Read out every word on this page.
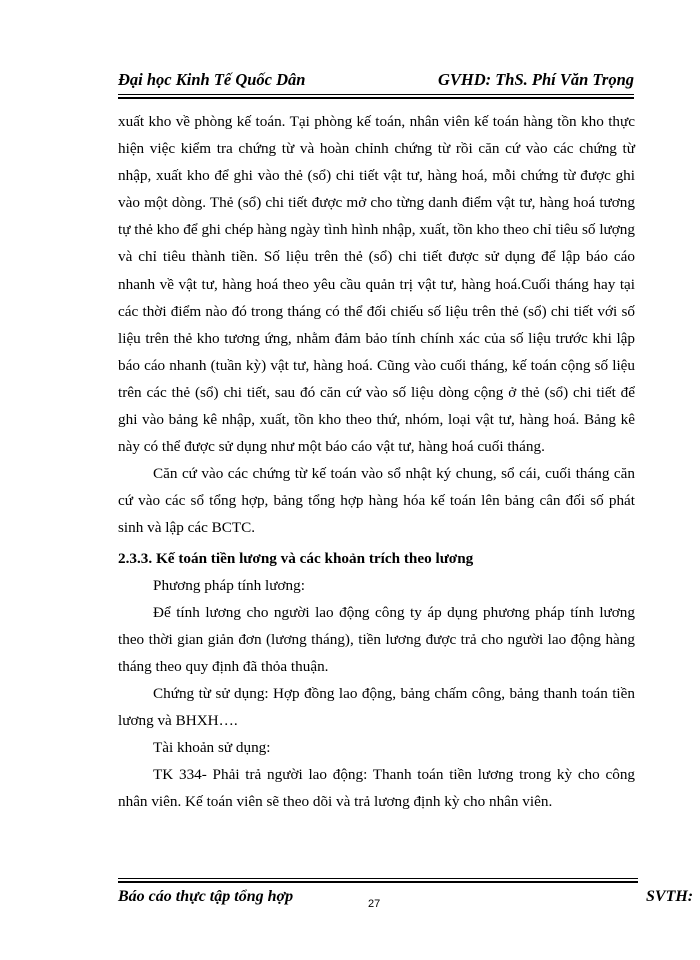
Đại học Kinh Tế Quốc Dân	GVHD: ThS. Phí Văn Trọng

xuất kho về phòng kế toán. Tại phòng kế toán, nhân viên kế toán hàng tồn kho thực hiện việc kiểm tra chứng từ và hoàn chỉnh chứng từ rồi căn cứ vào các chứng từ nhập, xuất kho để ghi vào thẻ (sổ) chi tiết vật tư, hàng hoá, mỗi chứng từ được ghi vào một dòng. Thẻ (sổ) chi tiết được mở cho từng danh điểm vật tư, hàng hoá tương tự thẻ kho để ghi chép hàng ngày tình hình nhập, xuất, tồn kho theo chỉ tiêu số lượng và chỉ tiêu thành tiền. Số liệu trên thẻ (sổ) chi tiết được sử dụng để lập báo cáo nhanh về vật tư, hàng hoá theo yêu cầu quản trị vật tư, hàng hoá.Cuối tháng hay tại các thời điểm nào đó trong tháng có thể đối chiếu số liệu trên thẻ (sổ) chi tiết với số liệu trên thẻ kho tương ứng, nhằm đảm bảo tính chính xác của số liệu trước khi lập báo cáo nhanh (tuần kỳ) vật tư, hàng hoá. Cũng vào cuối tháng, kế toán cộng số liệu trên các thẻ (sổ) chi tiết, sau đó căn cứ vào số liệu dòng cộng ở thẻ (sổ) chi tiết để ghi vào bảng kê nhập, xuất, tồn kho theo thứ, nhóm, loại vật tư, hàng hoá. Bảng kê này có thể được sử dụng như một báo cáo vật tư, hàng hoá cuối tháng.

Căn cứ vào các chứng từ kế toán vào sổ nhật ký chung, sổ cái, cuối tháng căn cứ vào các sổ tổng hợp, bảng tổng hợp hàng hóa kế toán lên bảng cân đối số phát sinh và lập các BCTC.

2.3.3. Kế toán tiền lương và các khoản trích theo lương

Phương pháp tính lương:

Để tính lương cho người lao động công ty áp dụng phương pháp tính lương theo thời gian giản đơn (lương tháng), tiền lương được trả cho người lao động hàng tháng theo quy định đã thỏa thuận.

Chứng từ sử dụng: Hợp đồng lao động, bảng chấm công, bảng thanh toán tiền lương và BHXH….

Tài khoản sử dụng:

TK 334- Phải trả người lao động: Thanh toán tiền lương trong kỳ cho công nhân viên. Kế toán viên sẽ theo dõi và trả lương định kỳ cho nhân viên.

Báo cáo thực tập tổng hợp	27	SVTH:
